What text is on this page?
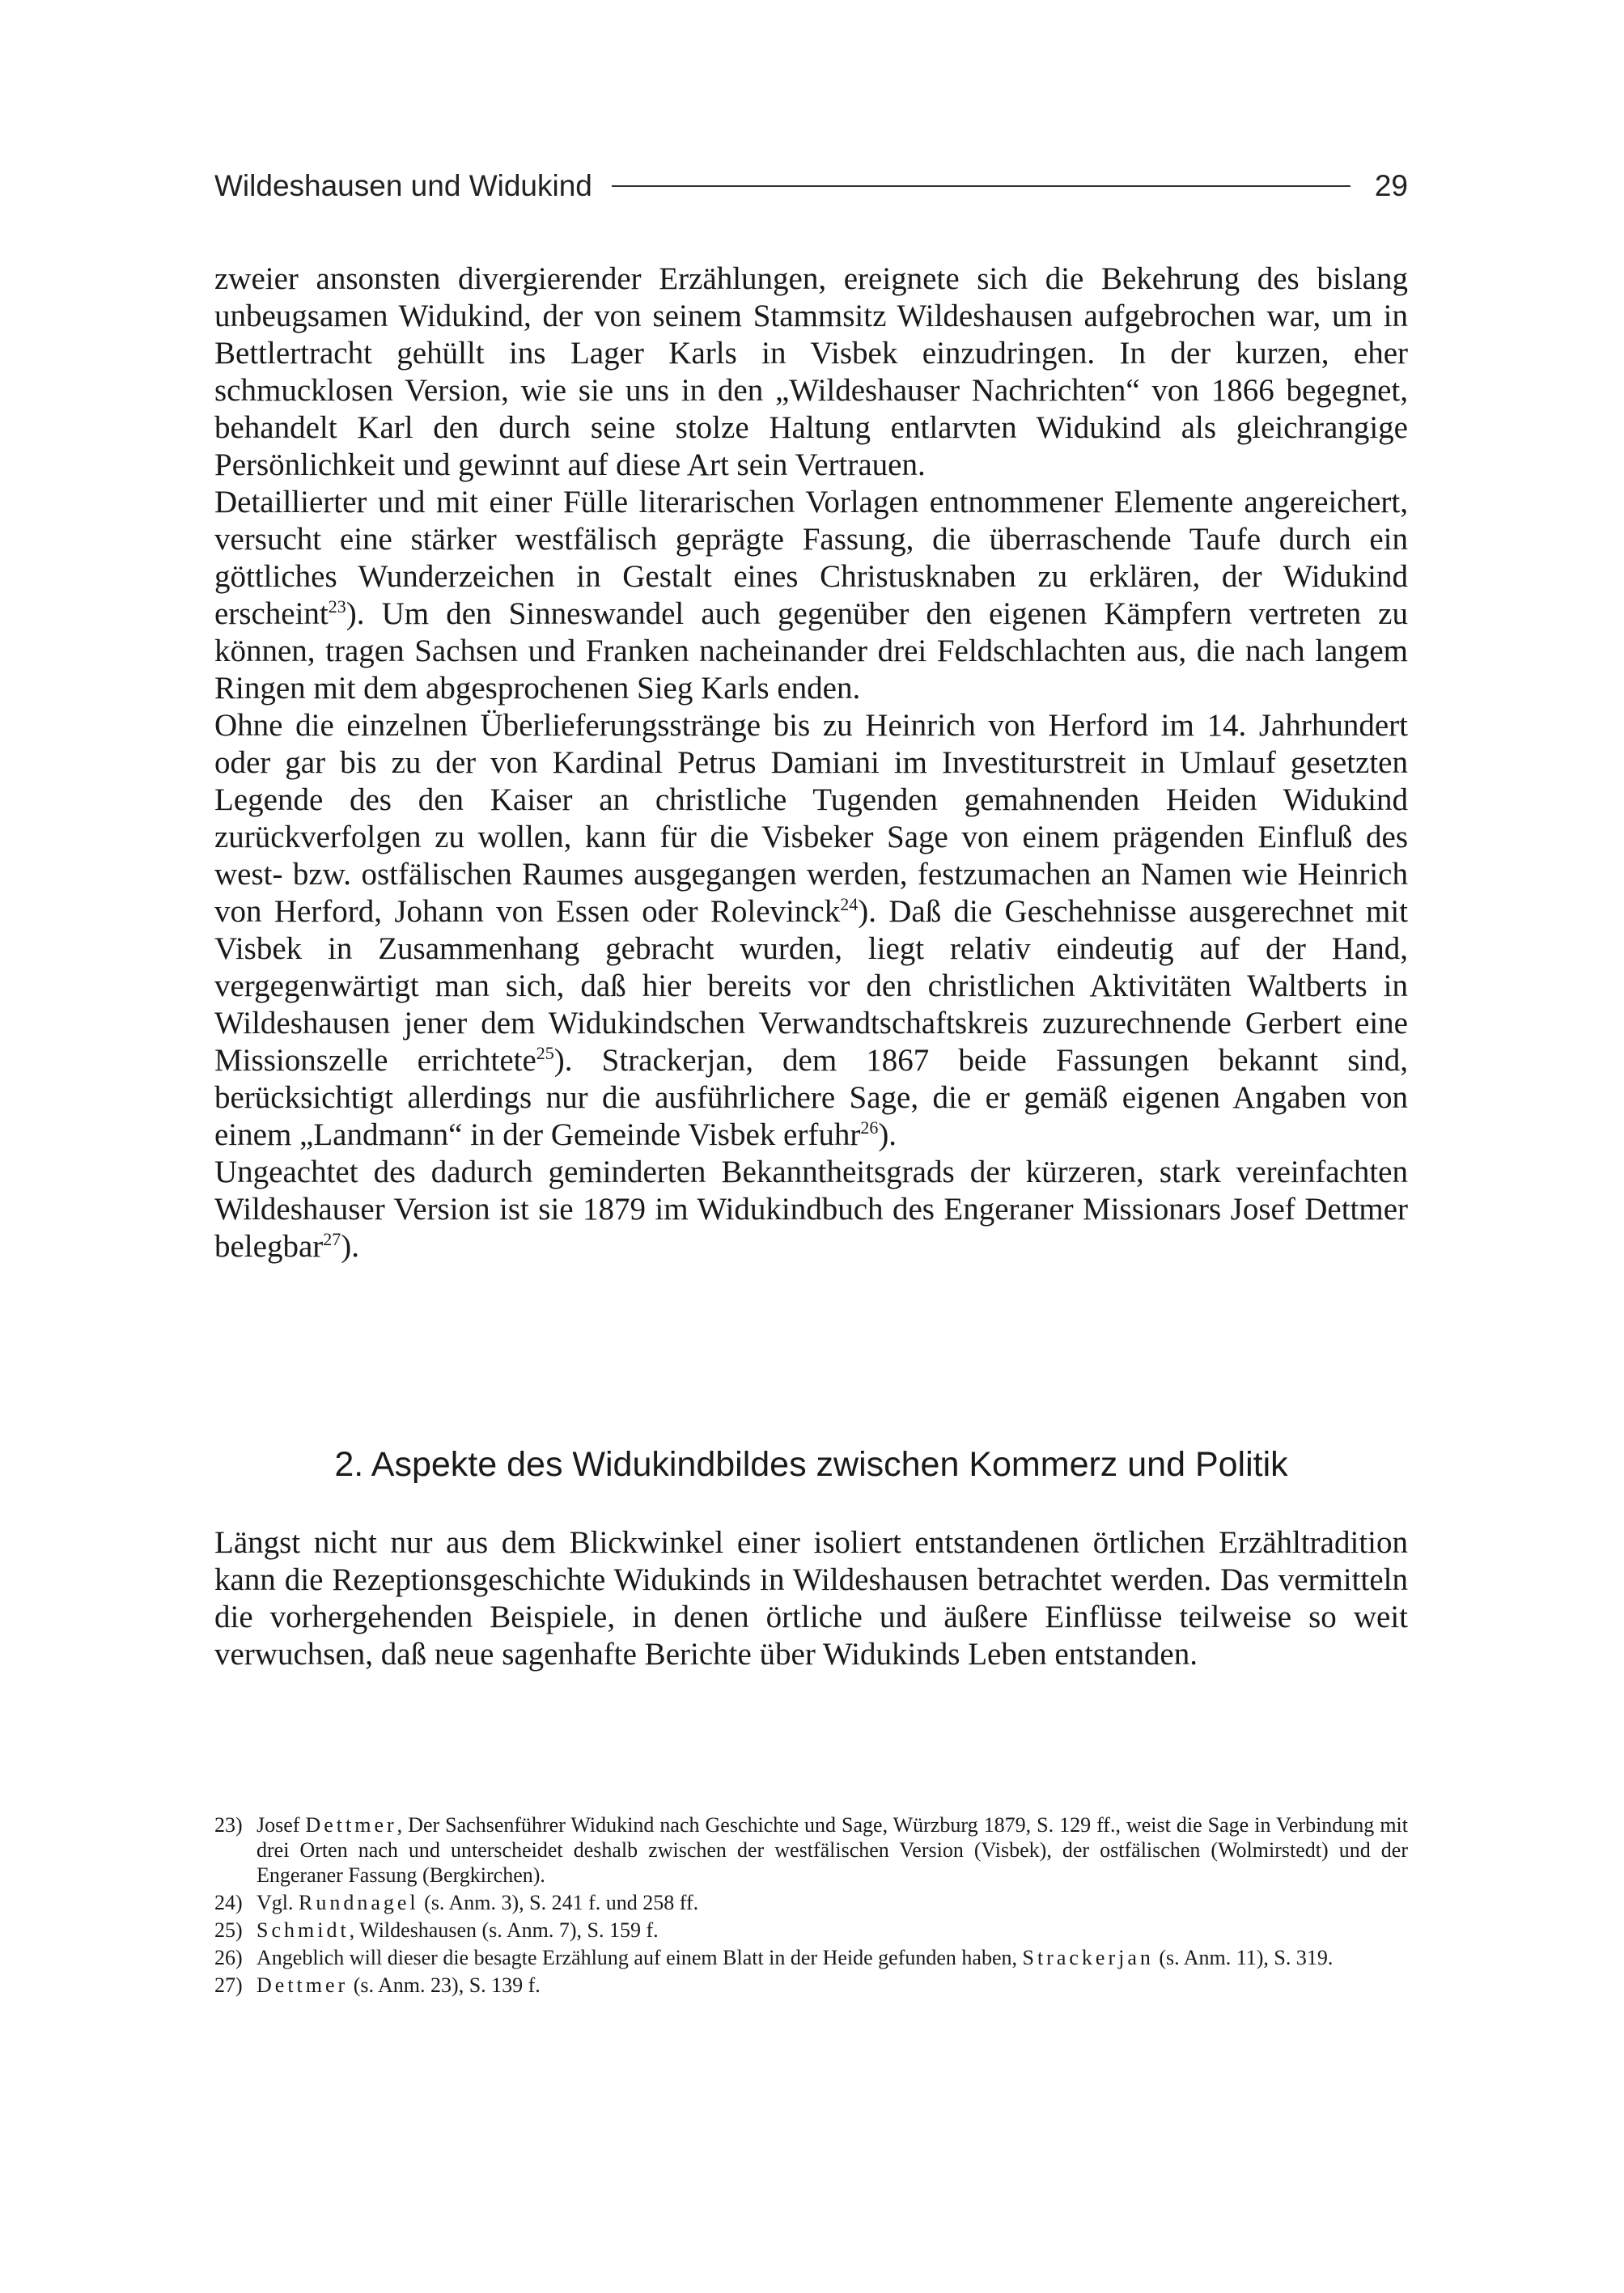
Wildeshausen und Widukind	29

zweier ansonsten divergierender Erzählungen, ereignete sich die Bekehrung des bislang unbeugsamen Widukind, der von seinem Stammsitz Wildeshausen aufgebrochen war, um in Bettlertracht gehüllt ins Lager Karls in Visbek einzudringen. In der kurzen, eher schmucklosen Version, wie sie uns in den „Wildeshauser Nachrichten“ von 1866 begegnet, behandelt Karl den durch seine stolze Haltung entlarvten Widukind als gleichrangige Persönlichkeit und gewinnt auf diese Art sein Vertrauen.

Detaillierter und mit einer Fülle literarischen Vorlagen entnommener Elemente angereichert, versucht eine stärker westfälisch geprägte Fassung, die überraschende Taufe durch ein göttliches Wunderzeichen in Gestalt eines Christusknaben zu erklären, der Widukind erscheint$^{23}$). Um den Sinneswandel auch gegenüber den eigenen Kämpfern vertreten zu können, tragen Sachsen und Franken nacheinander drei Feldschlachten aus, die nach langem Ringen mit dem abgesprochenen Sieg Karls enden.

Ohne die einzelnen Überlieferungsstränge bis zu Heinrich von Herford im 14. Jahrhundert oder gar bis zu der von Kardinal Petrus Damiani im Investiturstreit in Umlauf gesetzten Legende des den Kaiser an christliche Tugenden gemahnenden Heiden Widukind zurückverfolgen zu wollen, kann für die Visbeker Sage von einem prägenden Einfluß des west- bzw. ostfälischen Raumes ausgegangen werden, festzumachen an Namen wie Heinrich von Herford, Johann von Essen oder Rolevinck$^{24}$). Daß die Geschehnisse ausgerechnet mit Visbek in Zusammenhang gebracht wurden, liegt relativ eindeutig auf der Hand, vergegenwärtigt man sich, daß hier bereits vor den christlichen Aktivitäten Waltberts in Wildeshausen jener dem Widukindschen Verwandtschaftskreis zuzurechnende Gerbert eine Missionszelle errichtete$^{25}$). Strackerjan, dem 1867 beide Fassungen bekannt sind, berücksichtigt allerdings nur die ausführlichere Sage, die er gemäß eigenen Angaben von einem „Landmann“ in der Gemeinde Visbek erfuhr$^{26}$).

Ungeachtet des dadurch geminderten Bekanntheitsgrads der kürzeren, stark vereinfachten Wildeshauser Version ist sie 1879 im Widukindbuch des Engeraner Missionars Josef Dettmer belegbar$^{27}$).

2. Aspekte des Widukindbildes zwischen Kommerz und Politik

Längst nicht nur aus dem Blickwinkel einer isoliert entstandenen örtlichen Erzähltradition kann die Rezeptionsgeschichte Widukinds in Wildeshausen betrachtet werden. Das vermitteln die vorhergehenden Beispiele, in denen örtliche und äußere Einflüsse teilweise so weit verwuchsen, daß neue sagenhafte Berichte über Widukinds Leben entstanden.

23) Josef Dettmer, Der Sachsenführer Widukind nach Geschichte und Sage, Würzburg 1879, S. 129 ff., weist die Sage in Verbindung mit drei Orten nach und unterscheidet deshalb zwischen der westfälischen Version (Visbek), der ostfälischen (Wolmirstedt) und der Engeraner Fassung (Bergkirchen).
24) Vgl. Rundnagel (s. Anm. 3), S. 241 f. und 258 ff.
25) Schmidt, Wildeshausen (s. Anm. 7), S. 159 f.
26) Angeblich will dieser die besagte Erzählung auf einem Blatt in der Heide gefunden haben, Strackerjan (s. Anm. 11), S. 319.
27) Dettmer (s. Anm. 23), S. 139 f.
